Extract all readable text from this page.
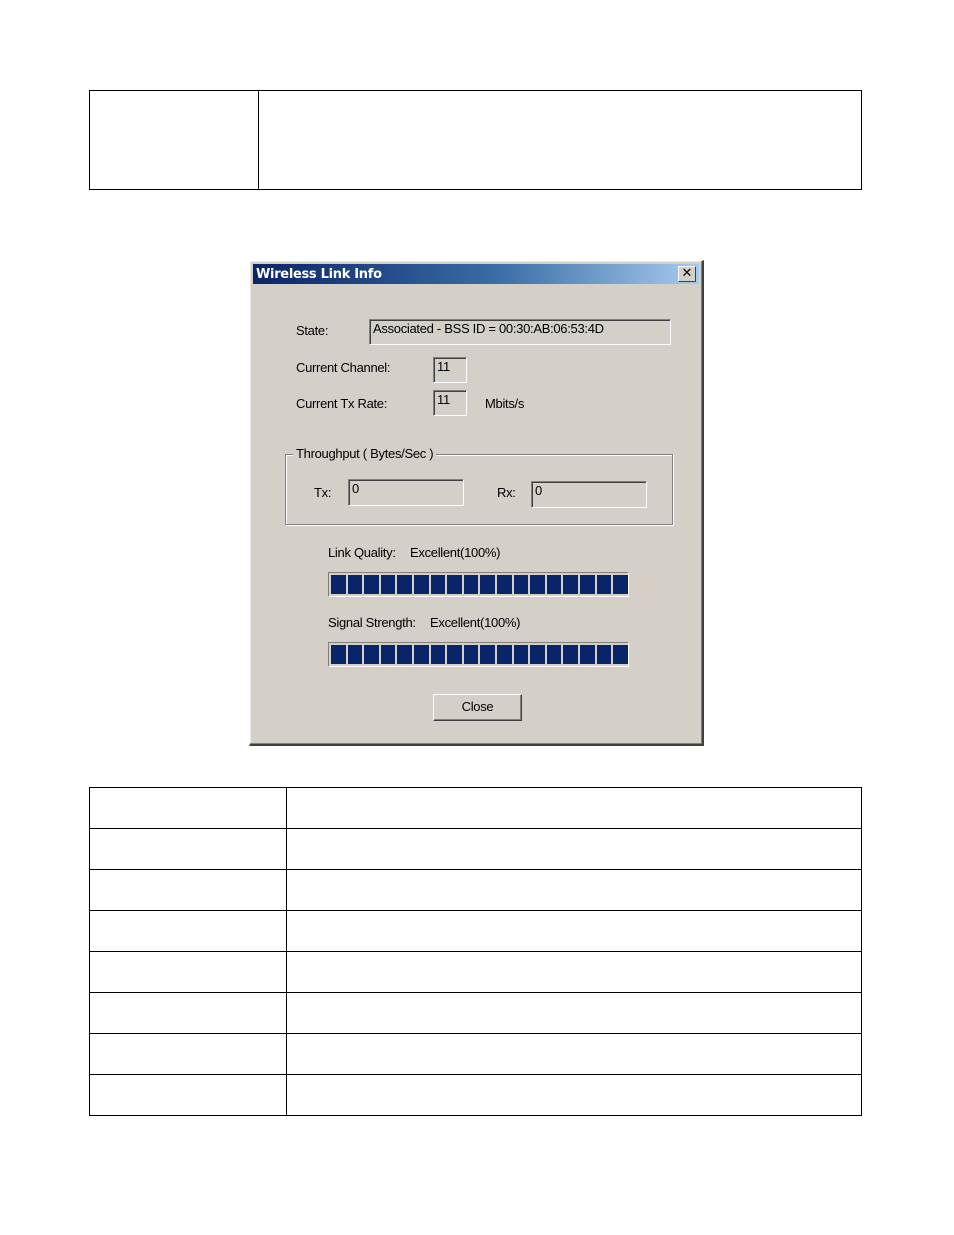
Wireless Link Info	✕
State:	Associated - BSS ID = 00:30:AB:06:53:4D
Current Channel:	11
Current Tx Rate:	11	Mbits/s
Throughput ( Bytes/Sec )
Tx:	0	Rx:	0
Link Quality: Excellent(100%)
Signal Strength: Excellent(100%)
Close
